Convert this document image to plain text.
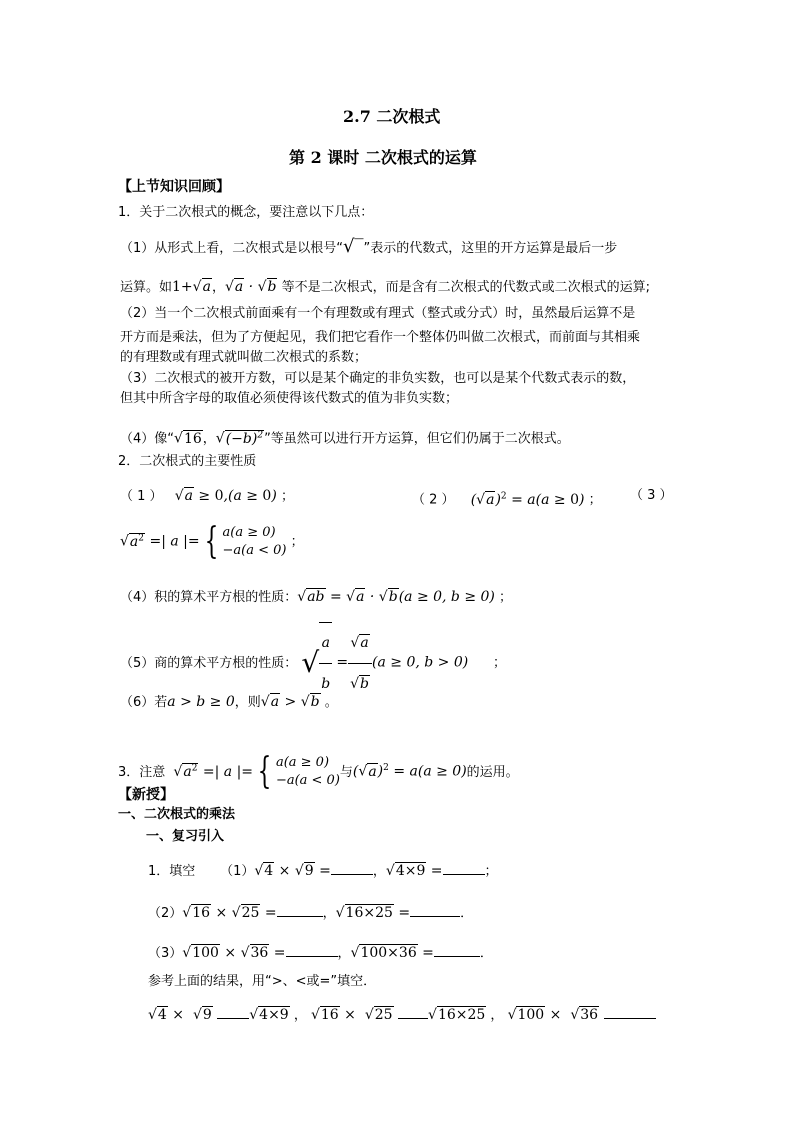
2.7 二次根式
第 2 课时 二次根式的运算
【上节知识回顾】
1．关于二次根式的概念，要注意以下几点：
（1）从形式上看，二次根式是以根号“√‾”表示的代数式，这里的开方运算是最后一步
运算。如1+√a，√a · √b 等不是二次根式，而是含有二次根式的代数式或二次根式的运算;
（2）当一个二次根式前面乘有一个有理数或有理式（整式或分式）时，虽然最后运算不是
开方而是乘法，但为了方便起见，我们把它看作一个整体仍叫做二次根式，而前面与其相乘
的有理数或有理式就叫做二次根式的系数；
（3）二次根式的被开方数，可以是某个确定的非负实数，也可以是某个代数式表示的数，
但其中所含字母的取值必须使得该代数式的值为非负实数；
（4）像“√16，$√(-b)^2$”等虽然可以进行开方运算，但它们仍属于二次根式。
2．二次根式的主要性质
（ 1 ） √a ≥ 0,(a ≥ 0) ；	（ 2 ） $(√a)^2 = a(a \ge 0)$ ； （ 3 ）
$√a^2$ =| a |= { a(a ≥ 0)
−a(a < 0)
；
（4）积的算术平方根的性质：√ab = √a · √b(a ≥ 0, b ≥ 0) ；
（5）商的算术平方根的性质： √ $\frac{a}{b} = \frac{√a}{√b} (a \ge 0$, b > 0)      ；
（6）若a > b ≥ 0，则√a > √b 。
3．注意 $√a^2$ =| a |= { a(a ≥ 0)
−a(a < 0)
与$(√a)^2 = a(a \ge 0)$的运用。
【新授】
一、二次根式的乘法
一、复习引入
1．填空 （1）√4 × √9 =	，√4×9 =	；
（2）√16 × √25 =	，√16×25 =	．
（3）√100 × √36 =	，√100×36 =	．
参考上面的结果，用“>、<或=”填空．
√4 ×  √9	√4×9 ， √16 ×  √25	√16×25 ， √100 ×  √36
